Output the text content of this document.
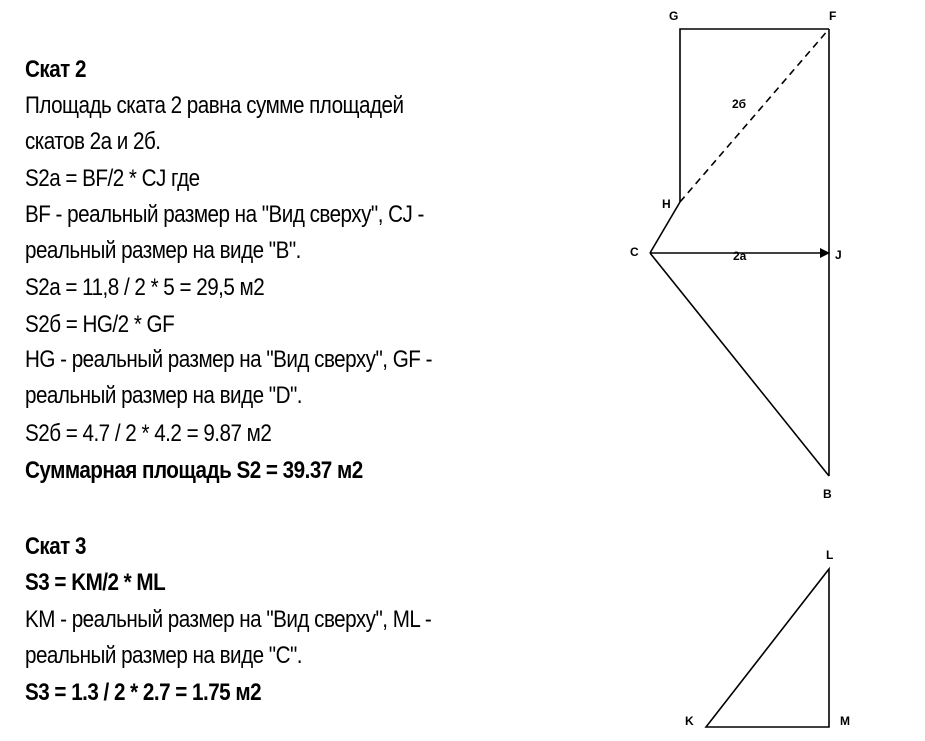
Скат 2
Площадь ската 2 равна сумме площадей
скатов 2а и 2б.
S2а = BF/2 * CJ где
BF - реальный размер на "Вид сверху", CJ -
реальный размер на виде "B".
S2а = 11,8 / 2 * 5 = 29,5 м2
S2б = HG/2 * GF
HG - реальный размер на "Вид сверху", GF -
реальный размер на виде "D".
S2б = 4.7 / 2 * 4.2 = 9.87 м2
Суммарная площадь S2 = 39.37 м2
Скат 3
S3 = KM/2 * ML
KM - реальный размер на "Вид сверху", ML -
реальный размер на виде "C".
S3 = 1.3 / 2 * 2.7 = 1.75 м2
G	F
H
C	J
B
2б
2а
L
K	M
